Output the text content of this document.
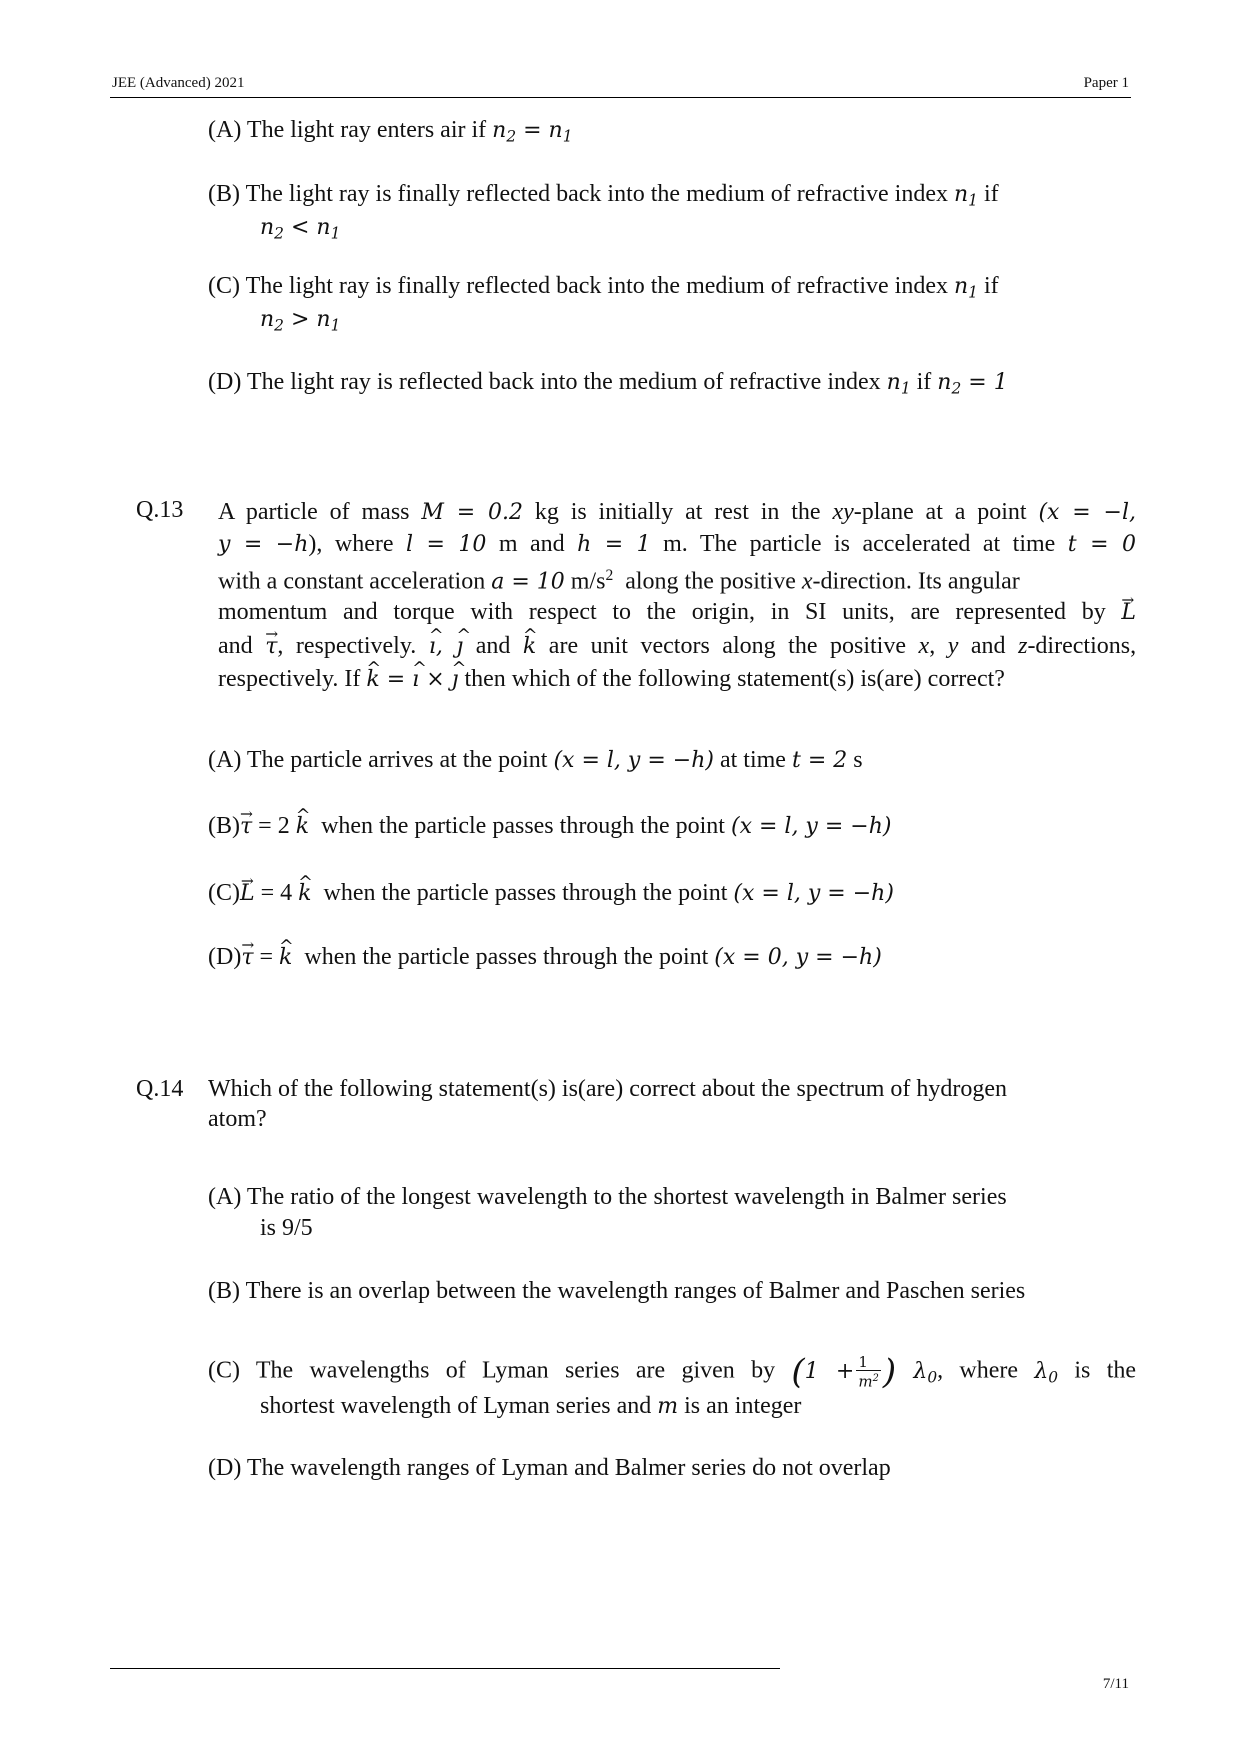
JEE (Advanced) 2021	Paper 1
(A) The light ray enters air if $n_2 = n_1$
(B) The light ray is finally reflected back into the medium of refractive index $n_1$ if
$n_2 < n_1$
(C) The light ray is finally reflected back into the medium of refractive index $n_1$ if
$n_2 > n_1$
(D) The light ray is reflected back into the medium of refractive index $n_1$ if $n_2 = 1$
Q.13 A particle of mass M = 0.2 kg is initially at rest in the xy-plane at a point (x = −l,
y = −h), where l = 10 m and h = 1 m. The particle is accelerated at time t = 0
with a constant acceleration a = 10 $m/s^2$ along the positive x-direction. Its angular
momentum and torque with respect to the origin, in SI units, are represented by L →
and τ →, respectively. ı ^, ȷ ^ and k ^ are unit vectors along the positive x, y and z-directions,
respectively. If k ^ = ı ^ × ȷ ^ then which of the following statement(s) is(are) correct?
(A) The particle arrives at the point (x = l, y = −h) at time t = 2 s
(B)τ → = 2 k ^ when the particle passes through the point (x = l, y = −h)
(C)L → = 4 k ^ when the particle passes through the point (x = l, y = −h)
(D)τ → = k ^ when the particle passes through the point (x = 0, y = −h)
Q.14 Which of the following statement(s) is(are) correct about the spectrum of hydrogen
atom?
(A) The ratio of the longest wavelength to the shortest wavelength in Balmer series
is 9/5
(B) There is an overlap between the wavelength ranges of Balmer and Paschen series
(C) The wavelengths of Lyman series are given by ($1 + \frac{1}{m^2}$ ) $\lambda_0$, where $\lambda_0$ is the
shortest wavelength of Lyman series and m is an integer
(D) The wavelength ranges of Lyman and Balmer series do not overlap
7/11
